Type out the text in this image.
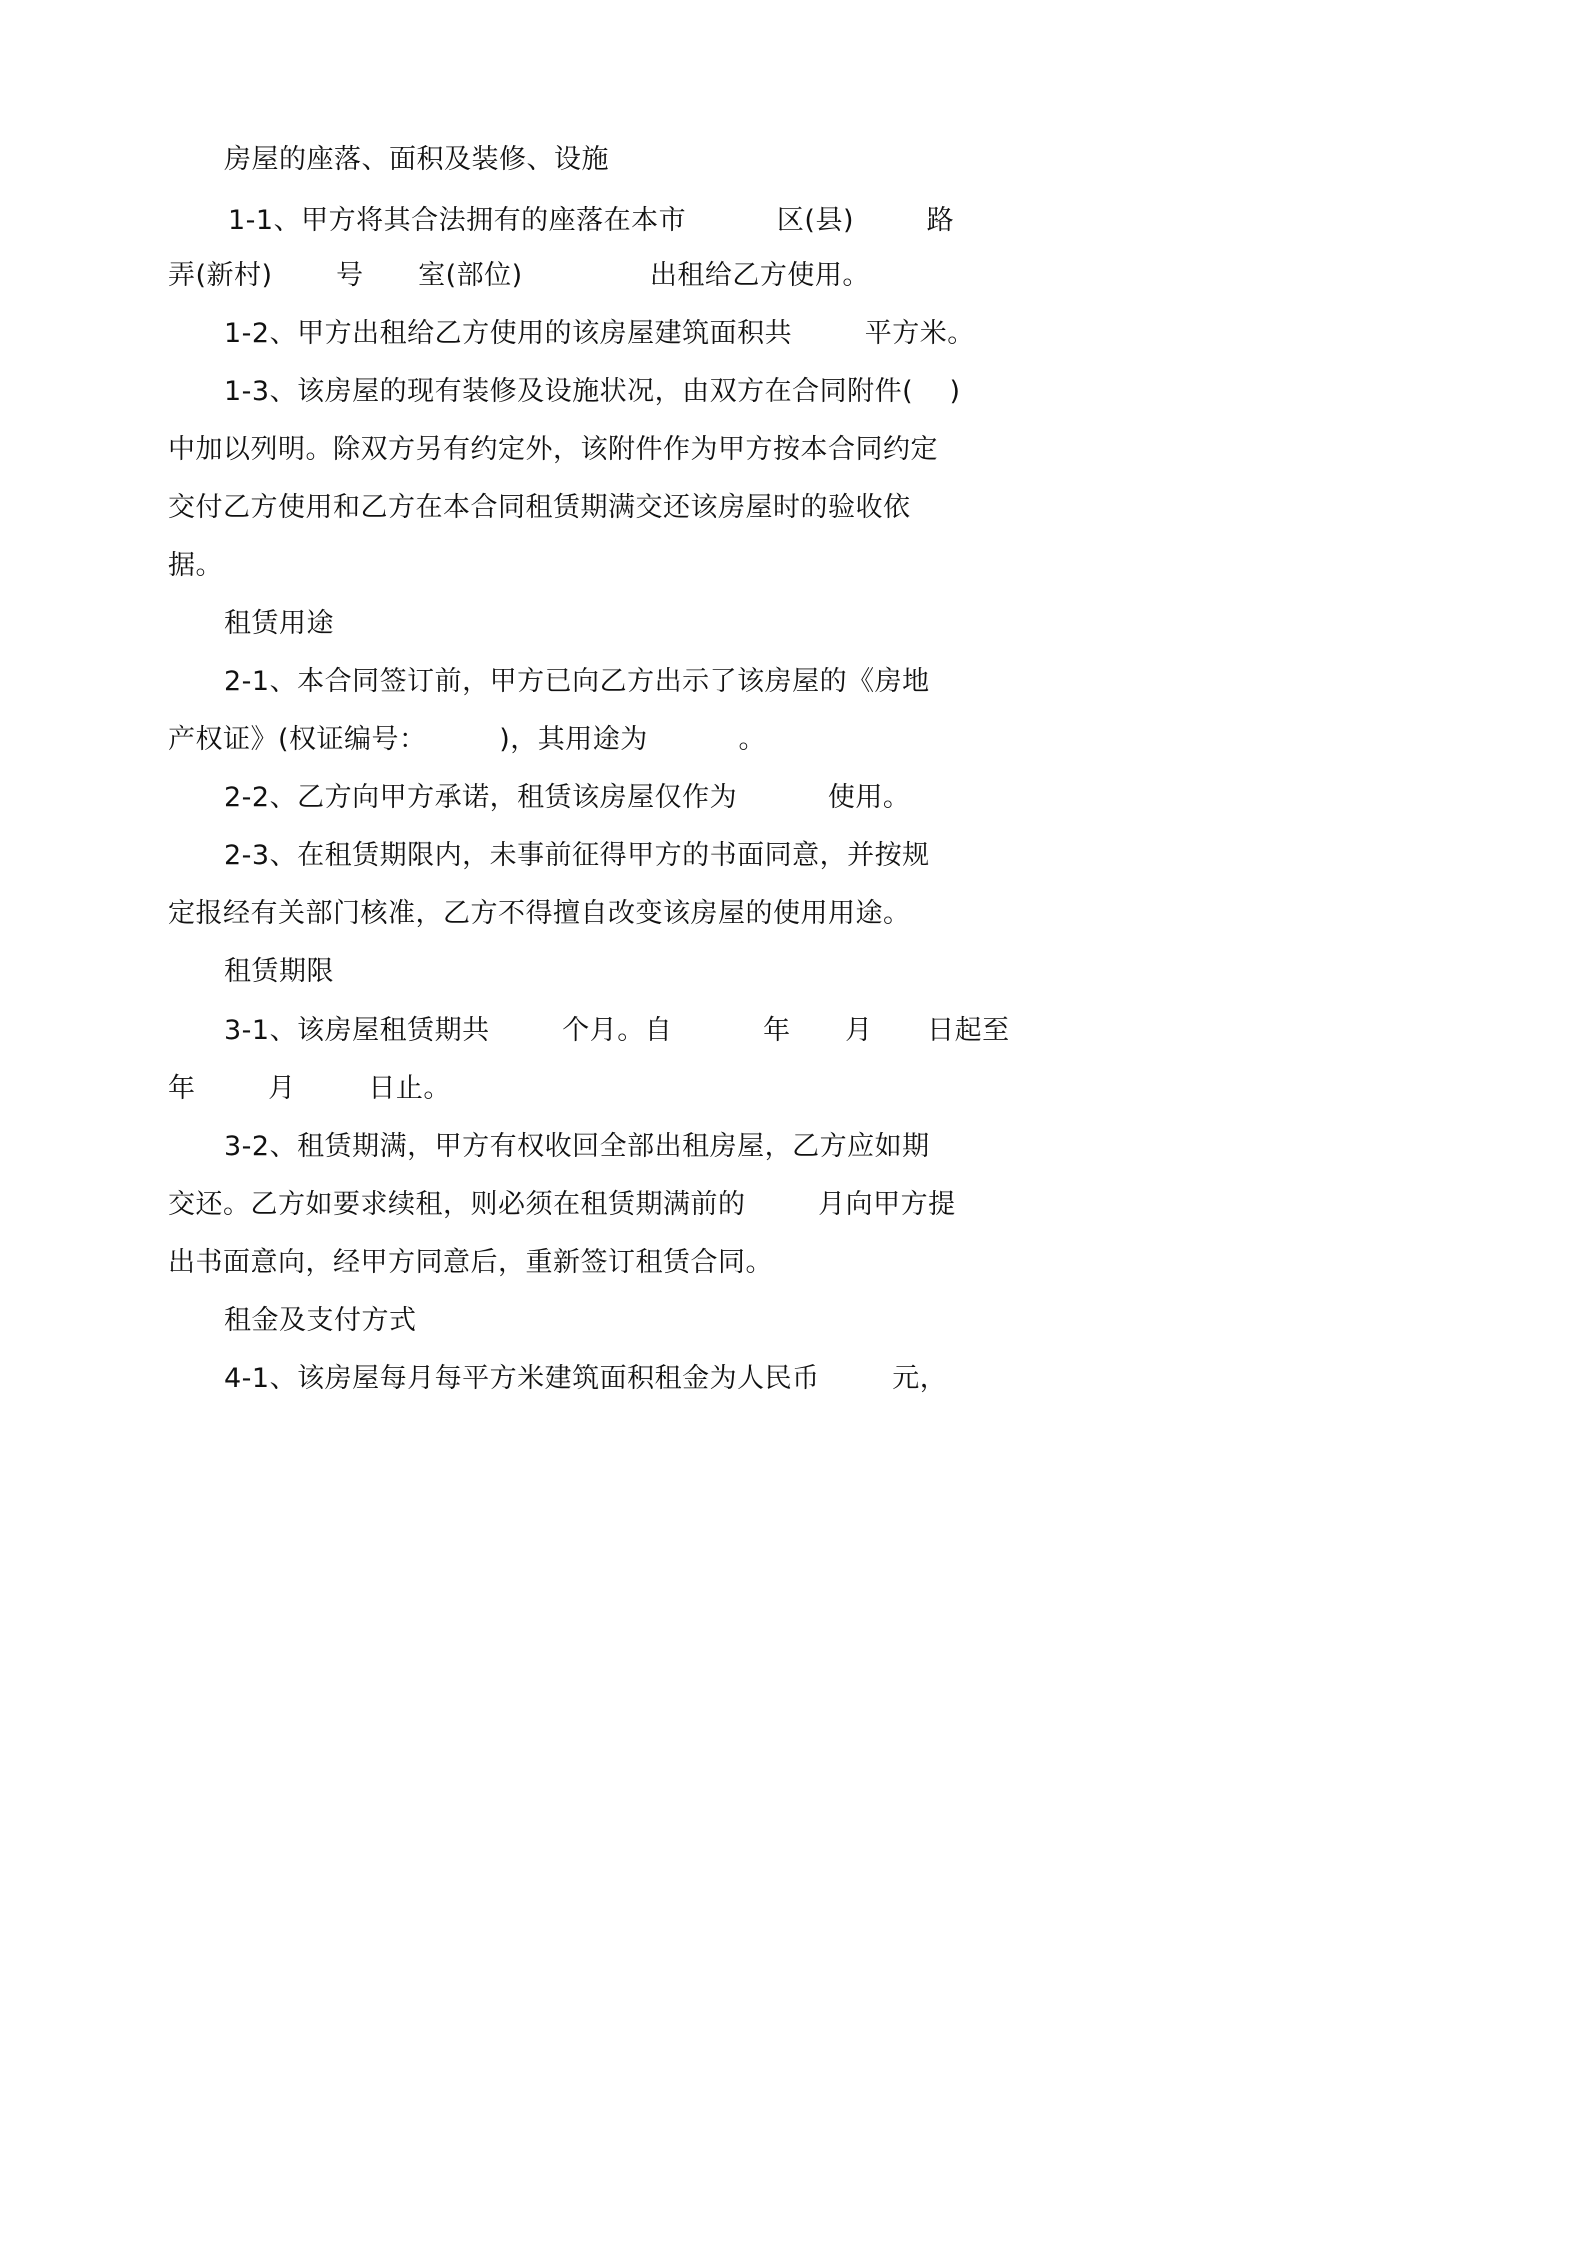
房屋的座落、面积及装修、设施
1-1、甲方将其合法拥有的座落在本市          区(县)        路
弄(新村)       号      室(部位)              出租给乙方使用。
1-2、甲方出租给乙方使用的该房屋建筑面积共        平方米。
1-3、该房屋的现有装修及设施状况，由双方在合同附件(    )
中加以列明。除双方另有约定外，该附件作为甲方按本合同约定
交付乙方使用和乙方在本合同租赁期满交还该房屋时的验收依
据。
租赁用途
2-1、本合同签订前，甲方已向乙方出示了该房屋的《房地
产权证》(权证编号：        )，其用途为          。
2-2、乙方向甲方承诺，租赁该房屋仅作为          使用。
2-3、在租赁期限内，未事前征得甲方的书面同意，并按规
定报经有关部门核准，乙方不得擅自改变该房屋的使用用途。
租赁期限
3-1、该房屋租赁期共        个月。自          年      月      日起至
年        月        日止。
3-2、租赁期满，甲方有权收回全部出租房屋，乙方应如期
交还。乙方如要求续租，则必须在租赁期满前的        月向甲方提
出书面意向，经甲方同意后，重新签订租赁合同。
租金及支付方式
4-1、该房屋每月每平方米建筑面积租金为人民币        元，
